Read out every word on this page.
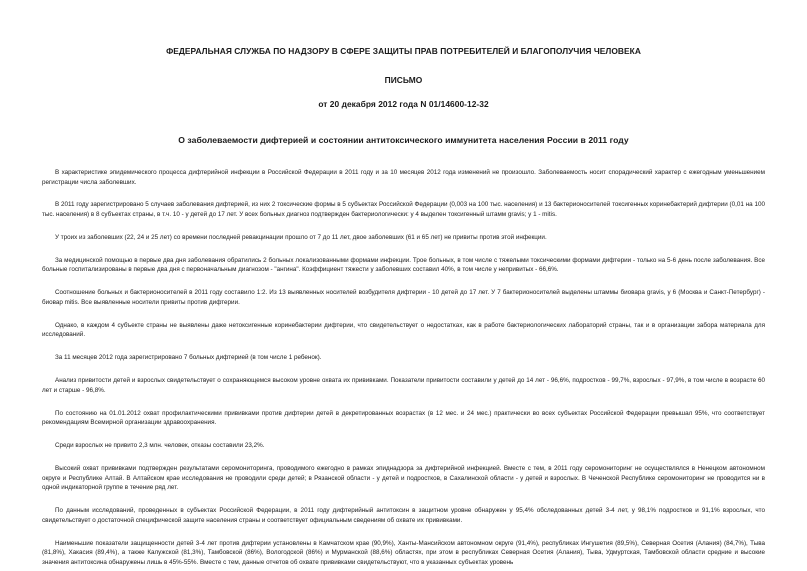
ФЕДЕРАЛЬНАЯ СЛУЖБА ПО НАДЗОРУ В СФЕРЕ ЗАЩИТЫ ПРАВ ПОТРЕБИТЕЛЕЙ И БЛАГОПОЛУЧИЯ ЧЕЛОВЕКА
ПИСЬМО
от 20 декабря 2012 года N 01/14600-12-32
О заболеваемости дифтерией и состоянии антитоксического иммунитета населения России в 2011 году

В характеристике эпидемического процесса дифтерийной инфекции в Российской Федерации в 2011 году и за 10 месяцев 2012 года изменений не произошло. Заболеваемость носит спорадический характер с ежегодным уменьшением регистрации числа заболевших.

В 2011 году зарегистрировано 5 случаев заболевания дифтерией, из них 2 токсические формы в 5 субъектах Российской Федерации (0,003 на 100 тыс. населения) и 13 бактерионосителей токсигенных коринебактерий дифтерии (0,01 на 100 тыс. населения) в 8 субъектах страны, в т.ч. 10 - у детей до 17 лет. У всех больных диагноз подтвержден бактериологически: у 4 выделен токсигенный штамм gravis; у 1 - mitis.

У троих из заболевших (22, 24 и 25 лет) со времени последней ревакцинации прошло от 7 до 11 лет, двое заболевших (61 и 65 лет) не привиты против этой инфекции.

За медицинской помощью в первые два дня заболевания обратились 2 больных локализованными формами инфекции. Трое больных, в том числе с тяжелыми токсическими формами дифтерии - только на 5-6 день после заболевания. Все больные госпитализированы в первые два дня с первоначальным диагнозом - "ангина". Коэффициент тяжести у заболевших составил 40%, в том числе у непривитых - 66,6%.

Соотношение больных и бактерионосителей в 2011 году составило 1:2. Из 13 выявленных носителей возбудителя дифтерии - 10 детей до 17 лет. У 7 бактерионосителей выделены штаммы биовара gravis, у 6 (Москва и Санкт-Петербург) - биовар mitis. Все выявленные носители привиты против дифтерии.

Однако, в каждом 4 субъекте страны не выявлены даже нетоксигенные коринебактерии дифтерии, что свидетельствует о недостатках, как в работе бактериологических лабораторий страны, так и в организации забора материала для исследований.

За 11 месяцев 2012 года зарегистрировано 7 больных дифтерией (в том числе 1 ребенок).

Анализ привитости детей и взрослых свидетельствует о сохраняющемся высоком уровне охвата их прививками. Показатели привитости составили у детей до 14 лет - 96,6%, подростков - 99,7%, взрослых - 97,9%, в том числе в возрасте 60 лет и старше - 96,8%.

По состоянию на 01.01.2012 охват профилактическими прививками против дифтерии детей в декретированных возрастах (в 12 мес. и 24 мес.) практически во всех субъектах Российской Федерации превышал 95%, что соответствует рекомендациям Всемирной организации здравоохранения.

Среди взрослых не привито 2,3 млн. человек, отказы составили 23,2%.

Высокий охват прививками подтвержден результатами серомониторинга, проводимого ежегодно в рамках эпиднадзора за дифтерийной инфекцией. Вместе с тем, в 2011 году серомониторинг не осуществлялся в Ненецком автономном округе и Республике Алтай. В Алтайском крае исследования не проводили среди детей; в Рязанской области - у детей и подростков, в Сахалинской области - у детей и взрослых. В Чеченской Республике серомониторинг не проводится ни в одной индикаторной группе в течение ряд лет.

По данным исследований, проведенных в субъектах Российской Федерации, в 2011 году дифтерийный антитоксин в защитном уровне обнаружен у 95,4% обследованных детей 3-4 лет, у 98,1% подростков и 91,1% взрослых, что свидетельствует о достаточной специфической защите населения страны и соответствует официальным сведениям об охвате их прививками.

Наименьшие показатели защищенности детей 3-4 лет против дифтерии установлены в Камчатском крае (90,9%), Ханты-Мансийском автономном округе (91,4%), республиках Ингушетия (89,5%), Северная Осетия (Алания) (84,7%), Тыва (81,8%), Хакасия (89,4%), а также Калужской (81,3%), Тамбовской (86%), Вологодской (86%) и Мурманской (88,6%) областях, при этом в республиках Северная Осетия (Алания), Тыва, Удмуртская, Тамбовской области средние и высокие значения антитоксина обнаружены лишь в 45%-55%. Вместе с тем, данные отчетов об охвате прививками свидетельствуют, что в указанных субъектах уровень
